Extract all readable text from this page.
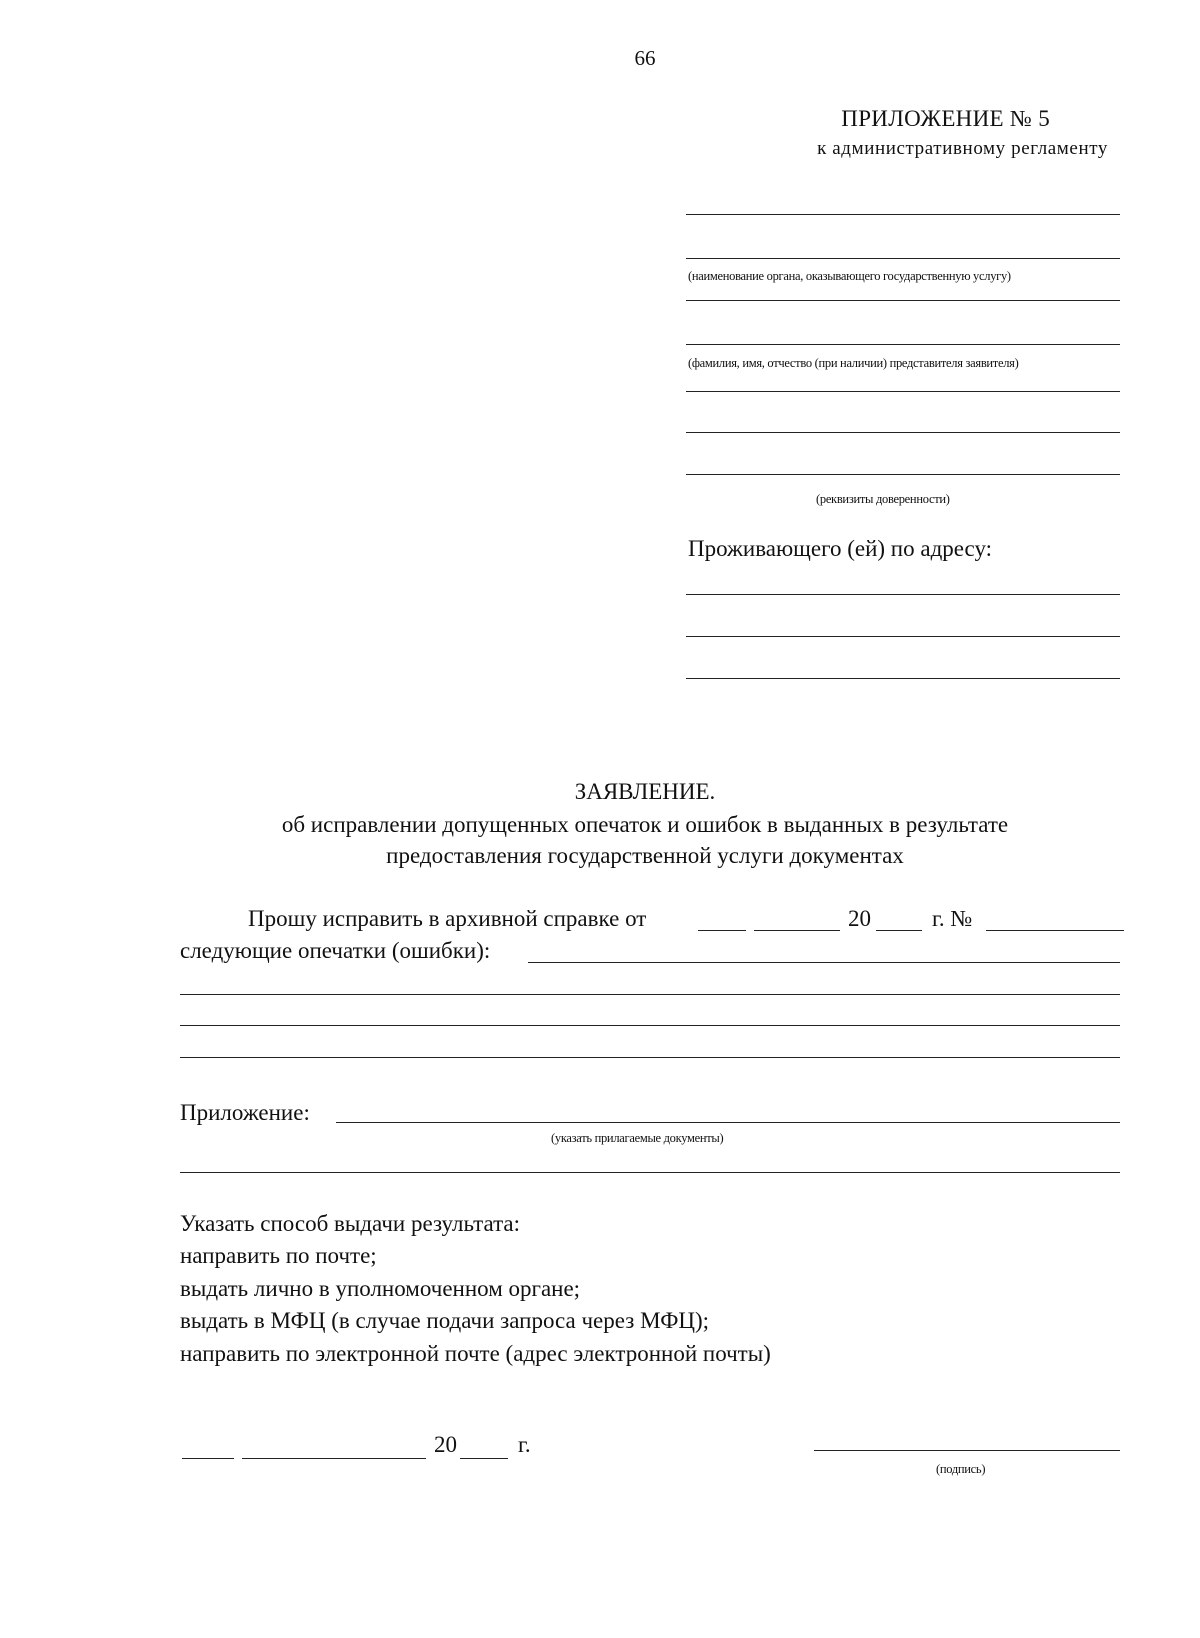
66
ПРИЛОЖЕНИЕ № 5
к административному регламенту
(наименование органа, оказывающего государственную услугу)
(фамилия, имя, отчество (при наличии) представителя заявителя)
(реквизиты доверенности)
Проживающего (ей) по адресу:
ЗАЯВЛЕНИЕ.
об исправлении допущенных опечаток и ошибок в выданных в результате
предоставления государственной услуги документах
Прошу исправить в архивной справке от	20	г. №
следующие опечатки (ошибки):
Приложение:
(указать прилагаемые документы)
Указать способ выдачи результата:
направить по почте;
выдать лично в уполномоченном органе;
выдать в МФЦ (в случае подачи запроса через МФЦ);
направить по электронной почте (адрес электронной почты)
20	г.
(подпись)
